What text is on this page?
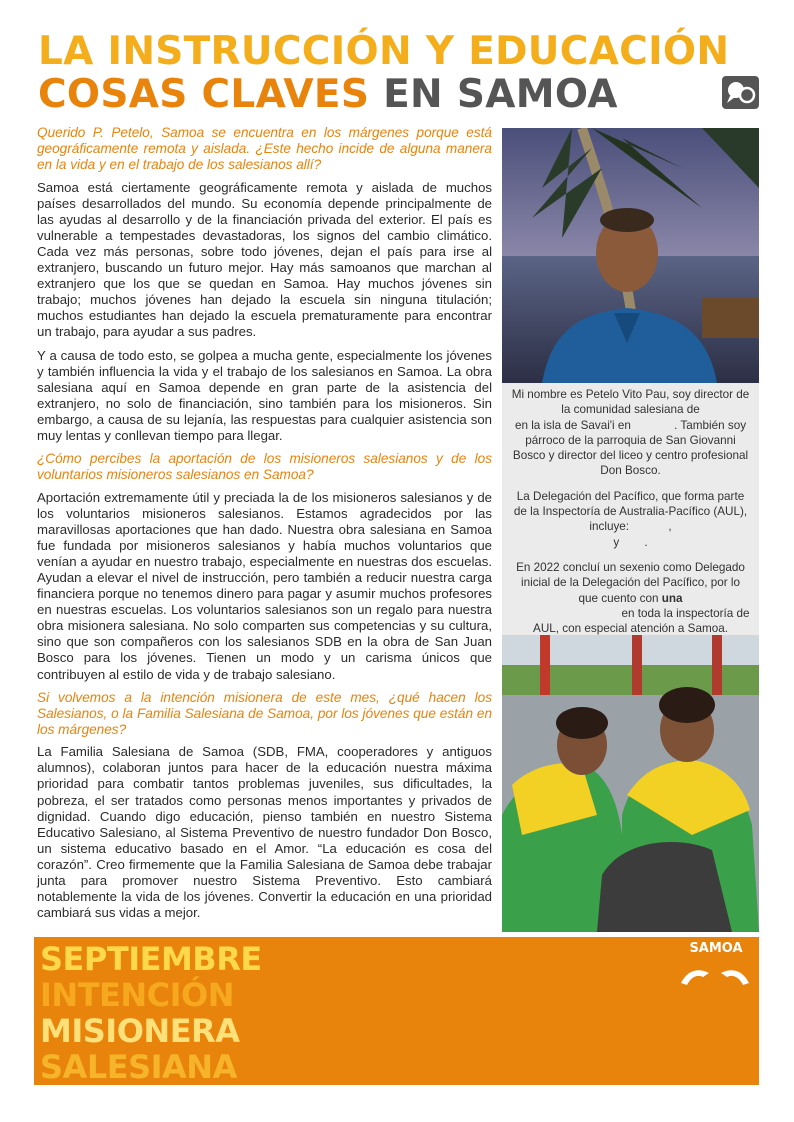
LA INSTRUCCIÓN Y EDUCACIÓN
COSAS CLAVES EN SAMOA

Querido P. Petelo, Samoa se encuentra en los márgenes porque está geográficamente remota y aislada. ¿Este hecho incide de alguna manera en la vida y en el trabajo de los salesianos allí?

Samoa está ciertamente geográficamente remota y aislada de muchos países desarrollados del mundo. Su economía depende principalmente de las ayudas al desarrollo y de la financiación privada del exterior. El país es vulnerable a tempestades devastadoras, los signos del cambio climático. Cada vez más personas, sobre todo jóvenes, dejan el país para irse al extranjero, buscando un futuro mejor. Hay más samoanos que marchan al extranjero que los que se quedan en Samoa. Hay muchos jóvenes sin trabajo; muchos jóvenes han dejado la escuela sin ninguna titulación; muchos estudiantes han dejado la escuela prematuramente para encontrar un trabajo, para ayudar a sus padres.

Y a causa de todo esto, se golpea a mucha gente, especialmente los jóvenes y también influencia la vida y el trabajo de los salesianos en Samoa. La obra salesiana aquí en Samoa depende en gran parte de la asistencia del extranjero, no solo de financiación, sino también para los misioneros. Sin embargo, a causa de su lejanía, las respuestas para cualquier asistencia son muy lentas y conllevan tiempo para llegar.

¿Cómo percibes la aportación de los misioneros salesianos y de los voluntarios misioneros salesianos en Samoa?

Aportación extremamente útil y preciada la de los misioneros salesianos y de los voluntarios misioneros salesianos. Estamos agradecidos por las maravillosas aportaciones que han dado. Nuestra obra salesiana en Samoa fue fundada por misioneros salesianos y había muchos voluntarios que venían a ayudar en nuestro trabajo, especialmente en nuestras dos escuelas. Ayudan a elevar el nivel de instrucción, pero también a reducir nuestra carga financiera porque no tenemos dinero para pagar y asumir muchos profesores en nuestras escuelas. Los voluntarios salesianos son un regalo para nuestra obra misionera salesiana. No solo comparten sus competencias y su cultura, sino que son compañeros con los salesianos SDB en la obra de San Juan Bosco para los jóvenes. Tienen un modo y un carisma únicos que contribuyen al estilo de vida y de trabajo salesiano.

Si volvemos a la intención misionera de este mes, ¿qué hacen los Salesianos, o la Familia Salesiana de Samoa, por los jóvenes que están en los márgenes?

La Familia Salesiana de Samoa (SDB, FMA, cooperadores y antiguos alumnos), colaboran juntos para hacer de la educación nuestra máxima prioridad para combatir tantos problemas juveniles, sus dificultades, la pobreza, el ser tratados como personas menos importantes y privados de dignidad. Cuando digo educación, pienso también en nuestro Sistema Educativo Salesiano, al Sistema Preventivo de nuestro fundador Don Bosco, un sistema educativo basado en el Amor. “La educación es cosa del corazón”. Creo firmemente que la Familia Salesiana de Samoa debe trabajar junta para promover nuestro Sistema Preventivo. Esto cambiará notablemente la vida de los jóvenes. Convertir la educación en una prioridad cambiará sus vidas a mejor.

Mi nombre es Petelo Vito Pau, soy director de la comunidad salesiana de
en la isla de Savai'i en	. También soy párroco de la parroquia de San Giovanni Bosco y director del liceo y centro profesional Don Bosco.

La Delegación del Pacífico, que forma parte de la Inspectoría de Australia-Pacífico (AUL), incluye:	,
y .

En 2022 concluí un sexenio como Delegado inicial de la Delegación del Pacífico, por lo que cuento con una
en toda la inspectoría de AUL, con especial atención a Samoa.

SEPTIEMBRE
INTENCIÓN
MISIONERA
SALESIANA
SAMOA
